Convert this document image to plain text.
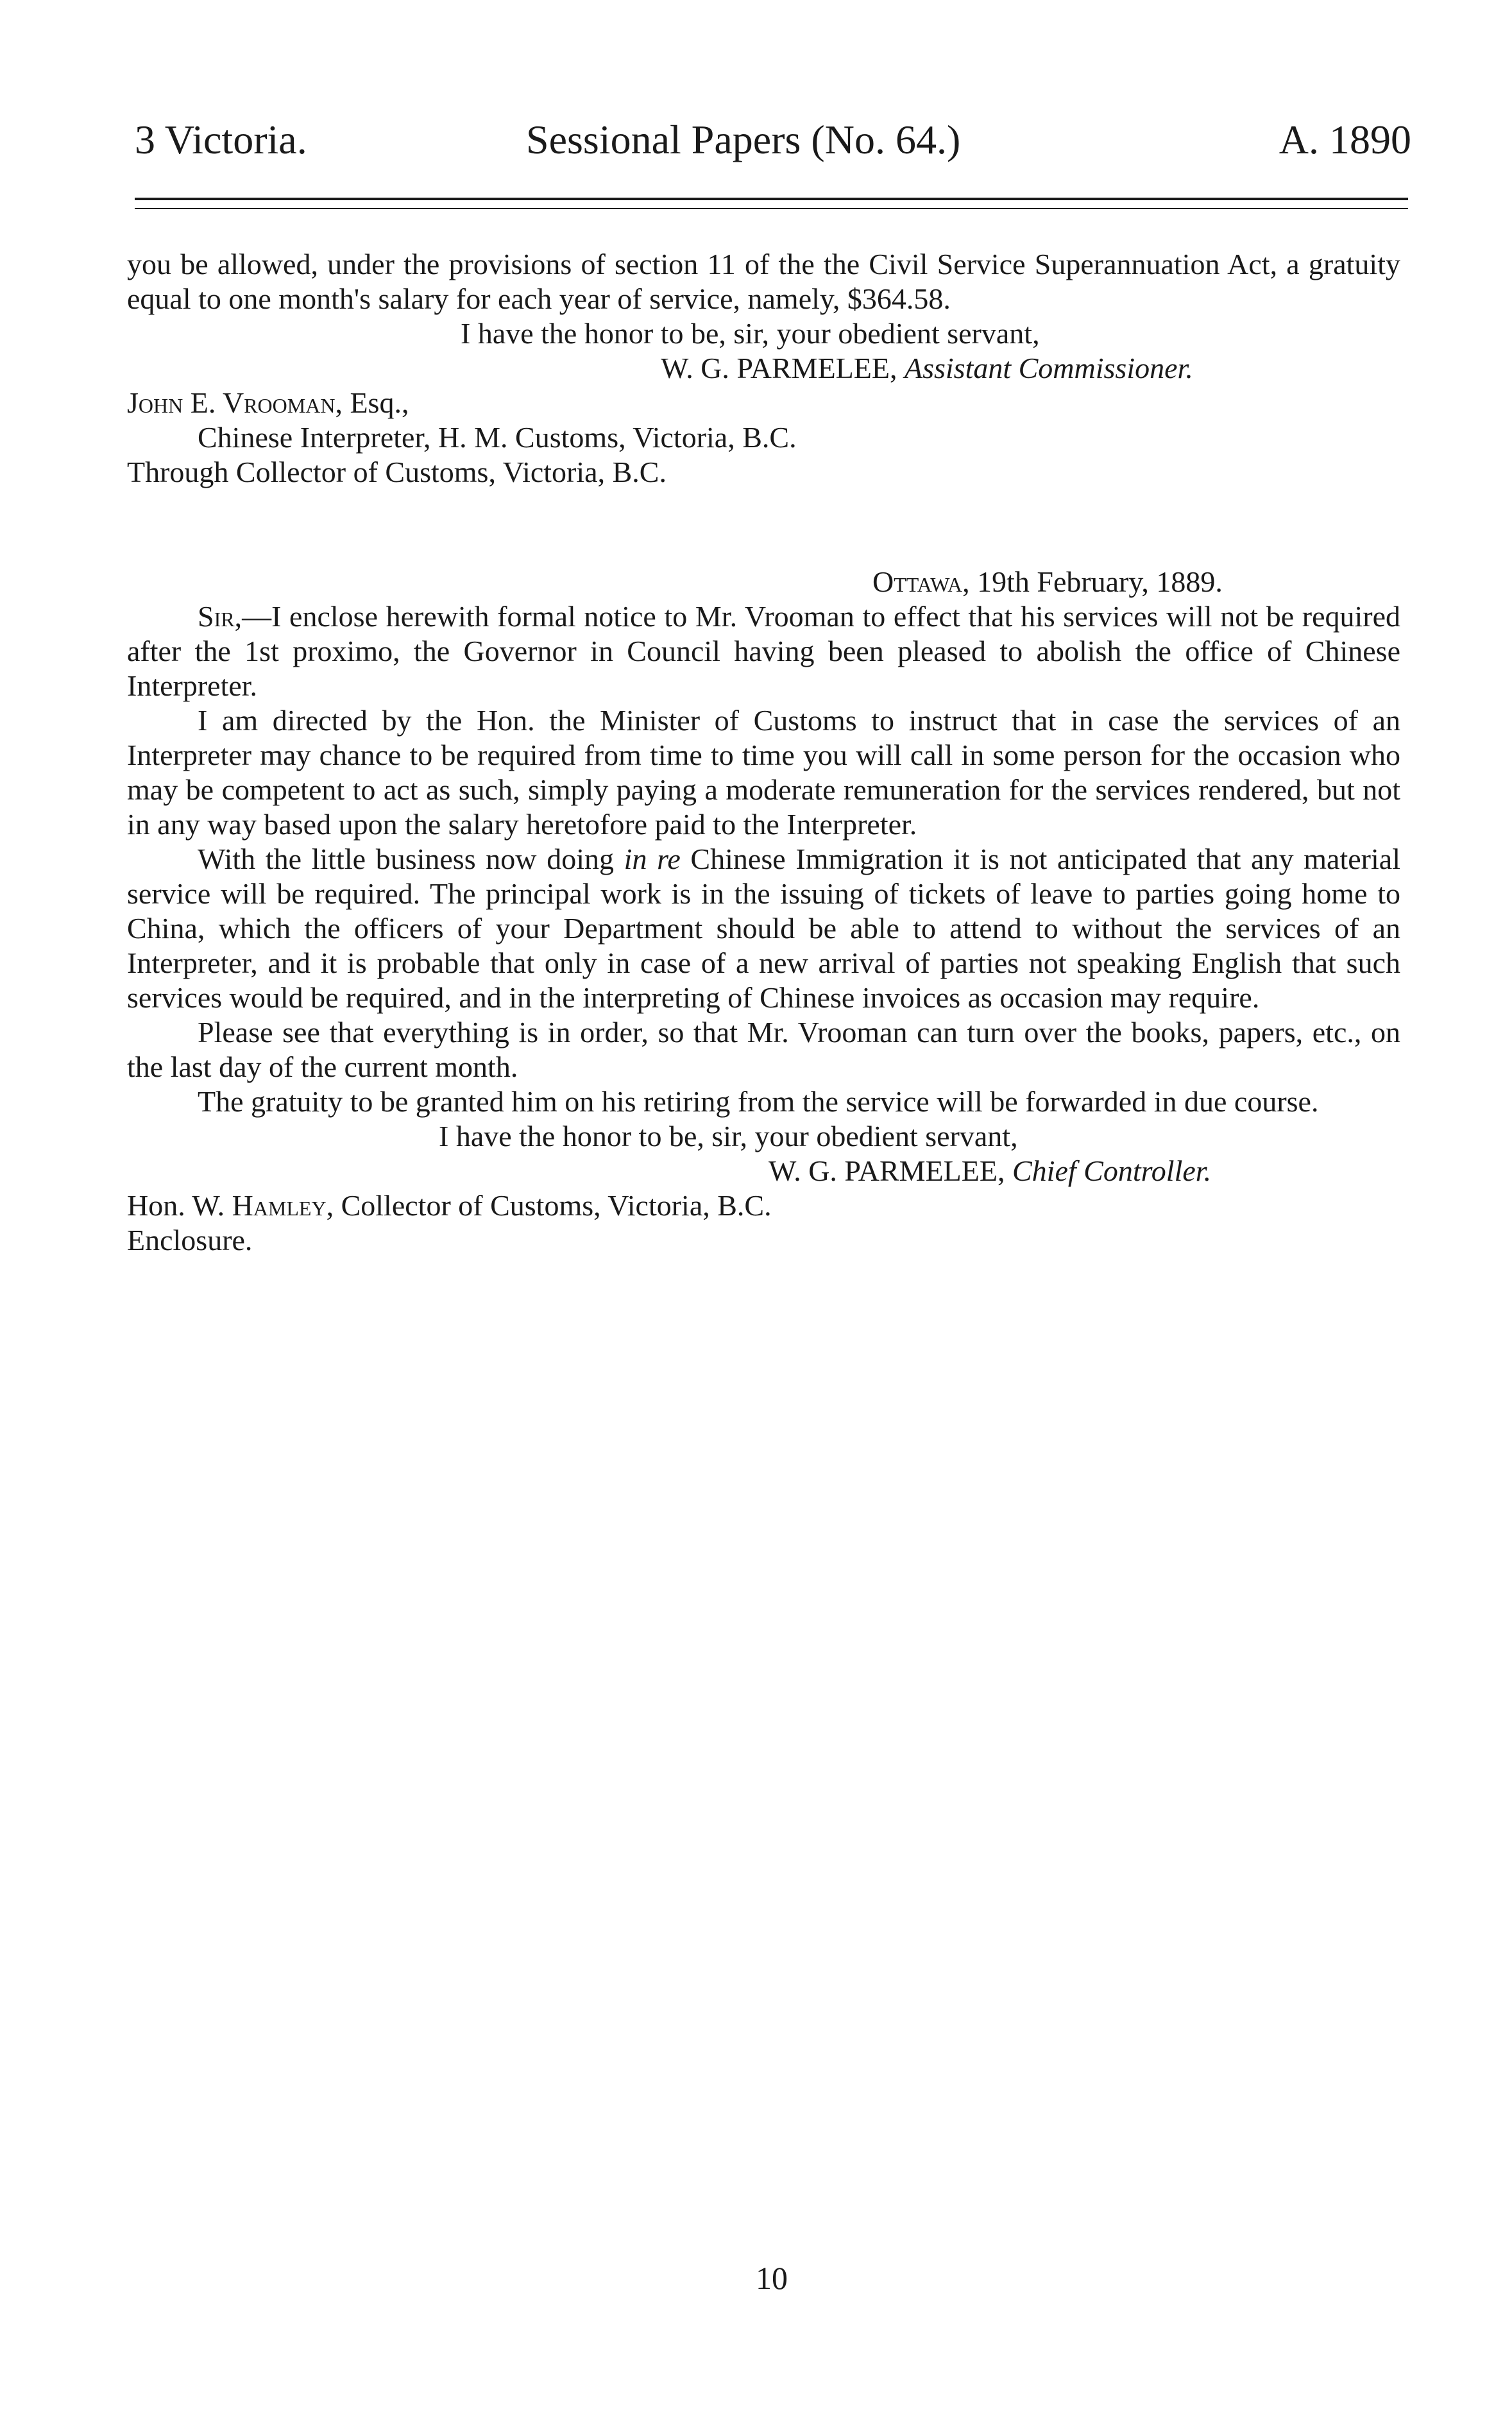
3 Victoria.	Sessional Papers (No. 64.)	A. 1890

you be allowed, under the provisions of section 11 of the the Civil Service Superannuation Act, a gratuity equal to one month's salary for each year of service, namely, $364.58.

I have the honor to be, sir, your obedient servant,

W. G. PARMELEE, Assistant Commissioner.

John E. Vrooman, Esq.,

Chinese Interpreter, H. M. Customs, Victoria, B.C.

Through Collector of Customs, Victoria, B.C.

Ottawa, 19th February, 1889.

Sir,—I enclose herewith formal notice to Mr. Vrooman to effect that his services will not be required after the 1st proximo, the Governor in Council having been pleased to abolish the office of Chinese Interpreter.

I am directed by the Hon. the Minister of Customs to instruct that in case the services of an Interpreter may chance to be required from time to time you will call in some person for the occasion who may be competent to act as such, simply paying a moderate remuneration for the services rendered, but not in any way based upon the salary heretofore paid to the Interpreter.

With the little business now doing in re Chinese Immigration it is not anticipated that any material service will be required. The principal work is in the issuing of tickets of leave to parties going home to China, which the officers of your Department should be able to attend to without the services of an Interpreter, and it is probable that only in case of a new arrival of parties not speaking English that such services would be required, and in the interpreting of Chinese invoices as occasion may require.

Please see that everything is in order, so that Mr. Vrooman can turn over the books, papers, etc., on the last day of the current month.

The gratuity to be granted him on his retiring from the service will be forwarded in due course.

I have the honor to be, sir, your obedient servant,

W. G. PARMELEE, Chief Controller.

Hon. W. Hamley, Collector of Customs, Victoria, B.C.

Enclosure.

10
